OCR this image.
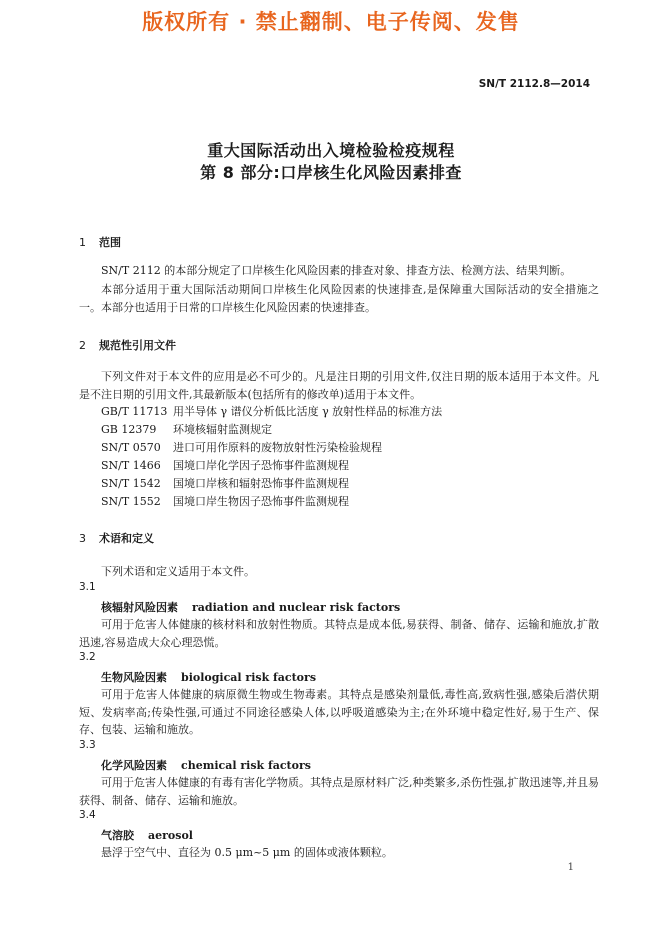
版权所有 · 禁止翻制、电子传阅、发售
SN/T 2112.8—2014
重大国际活动出入境检验检疫规程
第 8 部分:口岸核生化风险因素排查
1 范围
SN/T 2112 的本部分规定了口岸核生化风险因素的排查对象、排查方法、检测方法、结果判断。
本部分适用于重大国际活动期间口岸核生化风险因素的快速排查,是保障重大国际活动的安全措施之一。本部分也适用于日常的口岸核生化风险因素的快速排查。
2 规范性引用文件
下列文件对于本文件的应用是必不可少的。凡是注日期的引用文件,仅注日期的版本适用于本文件。凡是不注日期的引用文件,其最新版本(包括所有的修改单)适用于本文件。
GB/T 11713 用半导体 γ 谱仪分析低比活度 γ 放射性样品的标准方法
GB 12379 环境核辐射监测规定
SN/T 0570 进口可用作原料的废物放射性污染检验规程
SN/T 1466 国境口岸化学因子恐怖事件监测规程
SN/T 1542 国境口岸核和辐射恐怖事件监测规程
SN/T 1552 国境口岸生物因子恐怖事件监测规程
3 术语和定义
下列术语和定义适用于本文件。
3.1
核辐射风险因素 radiation and nuclear risk factors
可用于危害人体健康的核材料和放射性物质。其特点是成本低,易获得、制备、储存、运输和施放,扩散迅速,容易造成大众心理恐慌。
3.2
生物风险因素 biological risk factors
可用于危害人体健康的病原微生物或生物毒素。其特点是感染剂量低,毒性高,致病性强,感染后潜伏期短、发病率高;传染性强,可通过不同途径感染人体,以呼吸道感染为主;在外环境中稳定性好,易于生产、保存、包装、运输和施放。
3.3
化学风险因素 chemical risk factors
可用于危害人体健康的有毒有害化学物质。其特点是原材料广泛,种类繁多,杀伤性强,扩散迅速等,并且易获得、制备、储存、运输和施放。
3.4
气溶胶 aerosol
悬浮于空气中、直径为 0.5 μm~5 μm 的固体或液体颗粒。
1
